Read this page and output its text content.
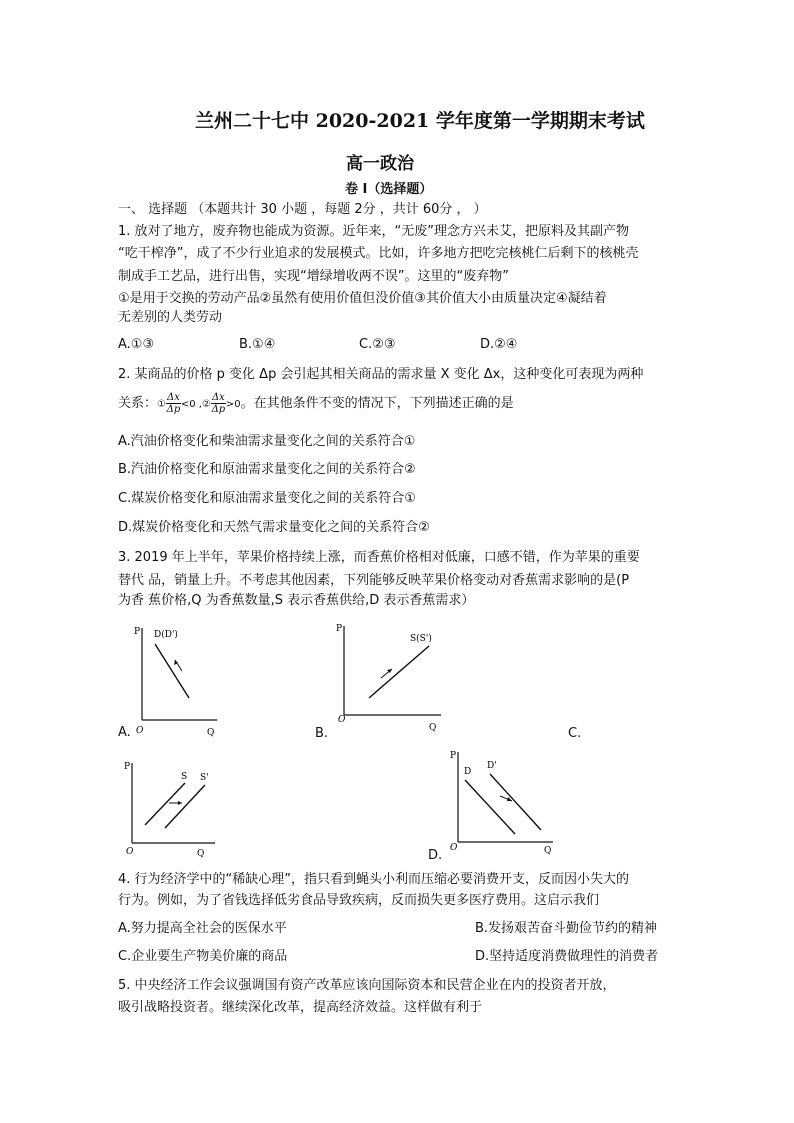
兰州二十七中 2020-2021 学年度第一学期期末考试
高一政治
卷 I（选择题）
一、 选择题 （本题共计 30 小题 ，每题 2分 ，共计 60分 ， ）
1. 放对了地方，废弃物也能成为资源。近年来，“无废”理念方兴未艾，把原料及其副产物
“吃干榨净”，成了不少行业追求的发展模式。比如，许多地方把吃完核桃仁后剩下的核桃壳
制成手工艺品，进行出售，实现“增绿增收两不误”。这里的“废弃物”
①是用于交换的劳动产品②虽然有使用价值但没价值③其价值大小由质量决定④凝结着
无差别的人类劳动
A.①③	B.①④	C.②③	D.②④
2. 某商品的价格 p 变化 Δp 会引起其相关商品的需求量 X 变化 Δx，这种变化可表现为两种
关系：① $\frac{\Delta x}{\Delta p} <0$ ,② $\frac{\Delta x}{\Delta p} >0$。在其他条件不变的情况下，下列描述正确的是
A.汽油价格变化和柴油需求量变化之间的关系符合①
B.汽油价格变化和原油需求量变化之间的关系符合②
C.煤炭价格变化和原油需求量变化之间的关系符合①
D.煤炭价格变化和天然气需求量变化之间的关系符合②
3. 2019 年上半年，苹果价格持续上涨，而香蕉价格相对低廉，口感不错，作为苹果的重要
替代 品，销量上升。不考虑其他因素，下列能够反映苹果价格变动对香蕉需求影响的是(P
为香 蕉价格,Q 为香蕉数量,S 表示香蕉供给,D 表示香蕉需求）
P
O	Q
D(D')
A.
P
O
Q
S(S')
B.	C.
P
O	Q
S S'
P
O	Q
D
D'
D.
4. 行为经济学中的“稀缺心理”，指只看到蝇头小利而压缩必要消费开支，反而因小失大的
行为。例如，为了省钱选择低劣食品导致疾病，反而损失更多医疗费用。这启示我们
A.努力提高全社会的医保水平	B.发扬艰苦奋斗勤俭节约的精神
C.企业要生产物美价廉的商品	D.坚持适度消费做理性的消费者
5. 中央经济工作会议强调国有资产改革应该向国际资本和民营企业在内的投资者开放，
吸引战略投资者。继续深化改革，提高经济效益。这样做有利于
